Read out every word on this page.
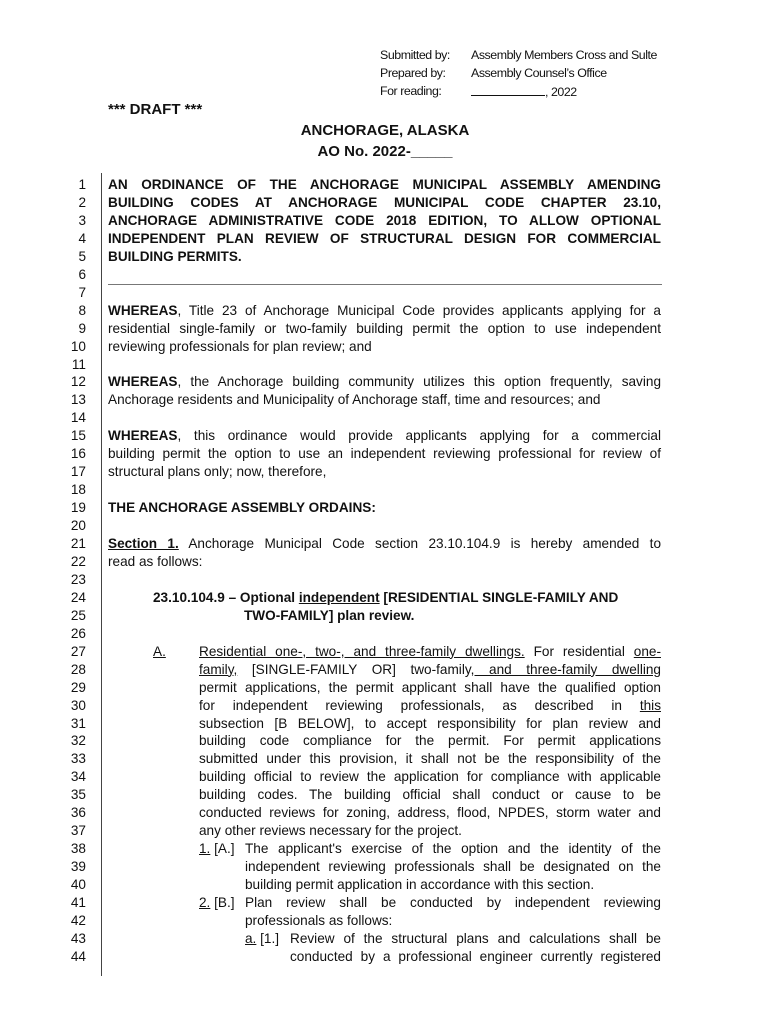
Submitted by: Assembly Members Cross and Sulte
Prepared by: Assembly Counsel’s Office
For reading:	, 2022
*** DRAFT ***
ANCHORAGE, ALASKA
AO No. 2022-_____
1
2
3
4
5
6
7
8
9
10
11
12
13
14
15
16
17
18
19
20
21
22
23
24
25
26
27
28
29
30
31
32
33
34
35
36
37
38
39
40
41
42
43
44
AN ORDINANCE OF THE ANCHORAGE MUNICIPAL ASSEMBLY AMENDING
BUILDING CODES AT ANCHORAGE MUNICIPAL CODE CHAPTER 23.10,
ANCHORAGE ADMINISTRATIVE CODE 2018 EDITION, TO ALLOW OPTIONAL
INDEPENDENT PLAN REVIEW OF STRUCTURAL DESIGN FOR COMMERCIAL
BUILDING PERMITS.
WHEREAS, Title 23 of Anchorage Municipal Code provides applicants applying for a
residential single-family or two-family building permit the option to use independent
reviewing professionals for plan review; and

WHEREAS, the Anchorage building community utilizes this option frequently, saving
Anchorage residents and Municipality of Anchorage staff, time and resources; and

WHEREAS, this ordinance would provide applicants applying for a commercial
building permit the option to use an independent reviewing professional for review of
structural plans only; now, therefore,

THE ANCHORAGE ASSEMBLY ORDAINS:

Section 1. Anchorage Municipal Code section 23.10.104.9 is hereby amended to
read as follows:

23.10.104.9 – Optional independent [RESIDENTIAL SINGLE-FAMILY AND
TWO-FAMILY] plan review.

A. Residential one-, two-, and three-family dwellings. For residential one-
family, [SINGLE-FAMILY OR] two-family, and three-family dwelling
permit applications, the permit applicant shall have the qualified option
for independent reviewing professionals, as described in this
subsection [B BELOW], to accept responsibility for plan review and
building code compliance for the permit. For permit applications
submitted under this provision, it shall not be the responsibility of the
building official to review the application for compliance with applicable
building codes. The building official shall conduct or cause to be
conducted reviews for zoning, address, flood, NPDES, storm water and
any other reviews necessary for the project.
1. [A.] The applicant's exercise of the option and the identity of the
independent reviewing professionals shall be designated on the
building permit application in accordance with this section.
2. [B.] Plan review shall be conducted by independent reviewing
professionals as follows:
a. [1.] Review of the structural plans and calculations shall be
conducted by a professional engineer currently registered
